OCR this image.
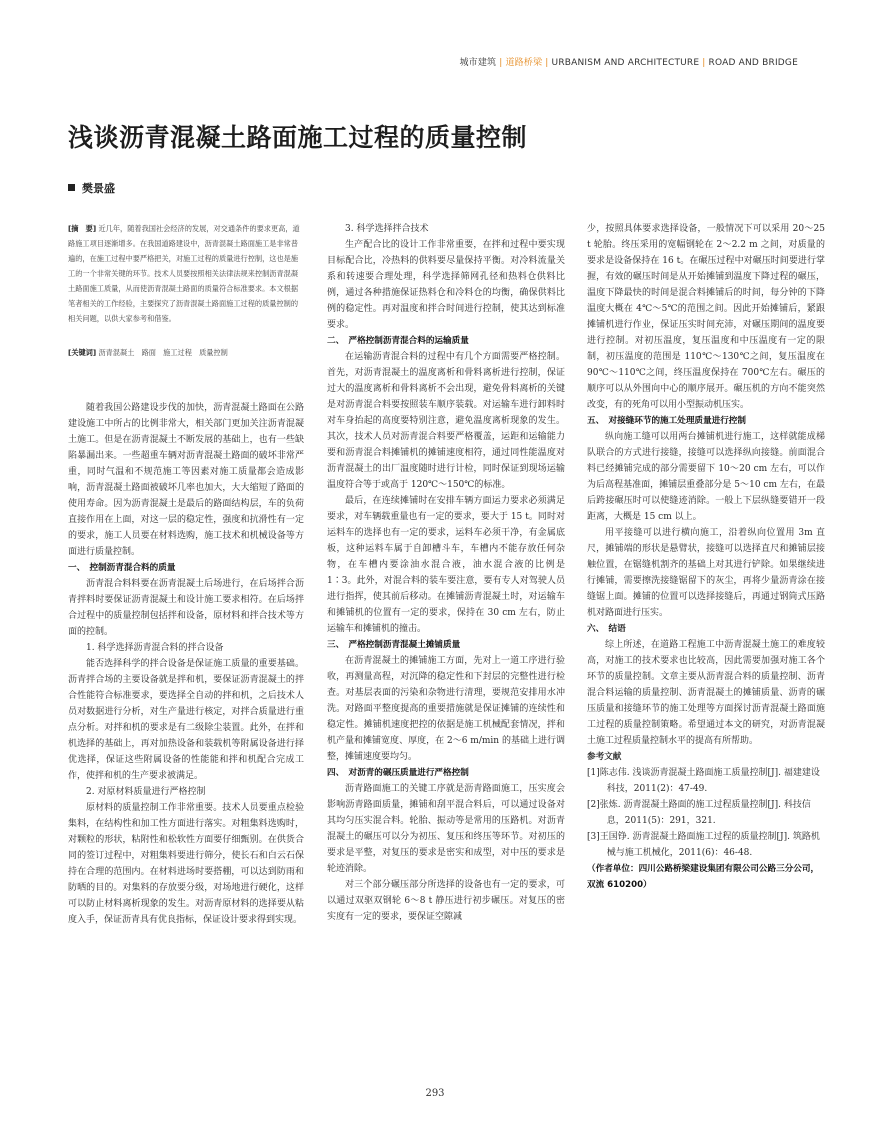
城市建筑 | 道路桥梁 | URBANISM AND ARCHITECTURE | ROAD AND BRIDGE
浅谈沥青混凝土路面施工过程的质量控制
樊景盛
[摘　要] 近几年，随着我国社会经济的发展，对交通条件的要求更高，道路施工项目逐渐增多。在我国道路建设中，沥青混凝土路面施工是非常普遍的，在施工过程中要严格把关，对施工过程的质量进行控制，这也是施工的一个非常关键的环节。技术人员要按照相关法律法规来控制沥青混凝土路面施工质量，从而使沥青混凝土路面的质量符合标准要求。本文根据笔者相关的工作经验，主要探究了沥青混凝土路面施工过程的质量控制的相关问题，以供大家参考和借鉴。
[关键词] 沥青混凝土　路面　施工过程　质量控制
随着我国公路建设步伐的加快，沥青混凝土路面在公路建设施工中所占的比例非常大，相关部门更加关注沥青混凝土施工。但是在沥青混凝土不断发展的基础上，也有一些缺陷暴漏出来。一些超重车辆对沥青混凝土路面的破坏非常严重，同时气温和不规范施工等因素对施工质量都会造成影响，沥青混凝土路面被破坏几率也加大，大大缩短了路面的使用寿命。因为沥青混凝土是最后的路面结构层，车的负荷直接作用在上面，对这一层的稳定性，强度和抗滑性有一定的要求，施工人员要在材料选购，施工技术和机械设备等方面进行质量控制。
一、　控制沥青混合料的质量
沥青混合料料要在沥青混凝土后场进行，在后场拌合沥青拌料时要保证沥青混凝土和设计施工要求相符。在后场拌合过程中的质量控制包括拌和设备，原材料和拌合技术等方面的控制。
1. 科学选择沥青混合料的拌合设备
能否选择科学的拌合设备是保证施工质量的重要基础。沥青拌合场的主要设备就是拌和机，要保证沥青混凝土的拌合性能符合标准要求，要选择全自动的拌和机，之后技术人员对数据进行分析，对生产量进行核定，对拌合质量进行重点分析。对拌和机的要求是有二级除尘装置。此外，在拌和机选择的基础上，再对加热设备和装载机等附属设备进行择优选择，保证这些附属设备的性能能和拌和机配合完成工作，使拌和机的生产要求被满足。
2. 对原材料质量进行严格控制
原材料的质量控制工作非常重要。技术人员要重点检验集料，在结构性和加工性方面进行落实。对粗集料选购时，对颗粒的形状，粘附性和松软性方面要仔细甄别。在供货合同的签订过程中，对粗集料要进行筛分，使长石和白云石保持在合理的范围内。在材料进场时要搭棚，可以达到防雨和防晒的目的。对集料的存放要分级，对场地进行硬化，这样可以防止材料离析现象的发生。对沥青原材料的选择要从粘度入手，保证沥青具有优良指标，保证设计要求得到实现。
3. 科学选择拌合技术
生产配合比的设计工作非常重要，在拌和过程中要实现目标配合比，冷热料的供料要尽量保持平衡。对冷料流量关系和转速要合理处理，科学选择筛网孔径和热料仓供料比例，通过各种措施保证热料仓和冷料仓的均衡，确保供料比例的稳定性。再对温度和拌合时间进行控制，使其达到标准要求。
二、　严格控制沥青混合料的运输质量
在运输沥青混合料的过程中有几个方面需要严格控制。首先，对沥青混凝土的温度离析和骨料离析进行控制，保证过大的温度离析和骨料离析不会出现，避免骨料离析的关键是对沥青混合料要按照装车顺序装载。对运输车进行卸料时对车身抬起的高度要特别注意，避免温度离析现象的发生。其次，技术人员对沥青混合料要严格覆盖，运距和运输能力要和沥青混合料摊铺机的摊铺速度相符，通过同性能温度对沥青混凝土的出厂温度随时进行计检，同时保证到现场运输温度符合等于或高于 120℃～150℃的标准。
最后，在连续摊铺时在安排车辆方面运力要求必须满足要求，对车辆载重量也有一定的要求，要大于 15 t。同时对运料车的选择也有一定的要求，运料车必须干净，有金属底板，这种运料车属于自卸槽斗车，车槽内不能存放任何杂物，在车槽内要涂油水混合液，油水混合液的比例是 1∶3。此外，对混合料的装车要注意，要有专人对驾驶人员进行指挥，使其前后移动。在摊铺沥青混凝土时，对运输车和摊铺机的位置有一定的要求，保持在 30 cm 左右，防止运输车和摊铺机的撞击。
三、　严格控制沥青混凝土摊铺质量
在沥青混凝土的摊铺施工方面，先对上一道工序进行验收，再测量高程，对沉降的稳定性和下封层的完整性进行检查。对基层表面的污染和杂物进行清理，要规范安排用水冲洗。对路面平整度提高的重要措施就是保证摊铺的连续性和稳定性。摊铺机速度把控的依据是施工机械配套情况，拌和机产量和摊铺宽度、厚度，在 2～6 m/min 的基础上进行调整，摊铺速度要均匀。
四、　对沥青的碾压质量进行严格控制
沥青路面施工的关键工序就是沥青路面施工，压实度会影响沥青路面质量，摊铺和刮平混合料后，可以通过设备对其均匀压实混合料。轮胎、振动等是常用的压路机。对沥青混凝土的碾压可以分为初压、复压和终压等环节。对初压的要求是平整，对复压的要求是密实和成型，对中压的要求是轮迹消除。
对三个部分碾压部分所选择的设备也有一定的要求，可以通过双驱双钢轮 6～8 t 静压进行初步碾压。对复压的密实度有一定的要求，要保证空隙减
少，按照具体要求选择设备，一般情况下可以采用 20～25 t 轮胎。终压采用的宽幅钢轮在 2～2.2 m 之间，对质量的要求是设备保持在 16 t。在碾压过程中对碾压时间要进行掌握，有效的碾压时间是从开始摊铺到温度下降过程的碾压，温度下降最快的时间是混合料摊铺后的时间，每分钟的下降温度大概在 4℃～5℃的范围之间。因此开始摊铺后，紧跟摊铺机进行作业，保证压实时间充沛，对碾压期间的温度要进行控制。对初压温度，复压温度和中压温度有一定的限制，初压温度的范围是 110℃～130℃之间，复压温度在 90℃～110℃之间，终压温度保持在 700℃左右。碾压的顺序可以从外围向中心的顺序展开。碾压机的方向不能突然改变，有的死角可以用小型振动机压实。
五、　对接缝环节的施工处理质量进行控制
纵向施工缝可以用两台摊铺机进行施工，这样就能成梯队联合的方式进行接缝，接缝可以选择纵向接缝。前面混合料已经摊铺完成的部分需要留下 10～20 cm 左右，可以作为后高程基准面，摊铺层重叠部分是 5～10 cm 左右，在最后跨接碾压时可以使缝迹消除。一般上下层纵缝要错开一段距离，大概是 15 cm 以上。
用平接缝可以进行横向施工，沿着纵向位置用 3m 直尺，摊铺端的形状是悬臂状，接缝可以选择直尺和摊铺层接触位置，在锯缝机割齐的基础上对其进行铲除。如果继续进行摊铺，需要擦洗接缝锯留下的灰尘，再将少量沥青涂在接缝锯上面。摊铺的位置可以选择接缝后，再通过钢筒式压路机对路面进行压实。
六、　结语
综上所述，在道路工程施工中沥青混凝土施工的难度较高，对施工的技术要求也比较高，因此需要加强对施工各个环节的质量控制。文章主要从沥青混合料的质量控制、沥青混合料运输的质量控制、沥青混凝土的摊铺质量、沥青的碾压质量和接缝环节的施工处理等方面探讨沥青混凝土路面施工过程的质量控制策略。希望通过本文的研究，对沥青混凝土施工过程质量控制水平的提高有所帮助。
参考文献
[1]陈志伟. 浅谈沥青混凝土路面施工质量控制[J]. 福建建设科技，2011(2)：47-49.
[2]张炼. 沥青混凝土路面的施工过程质量控制[J]. 科技信息，2011(5)：291，321.
[3]王国铮. 沥青混凝土路面施工过程的质量控制[J]. 筑路机械与施工机械化，2011(6)：46-48.
（作者单位：四川公路桥梁建设集团有限公司公路三分公司，双流 610200）
293
